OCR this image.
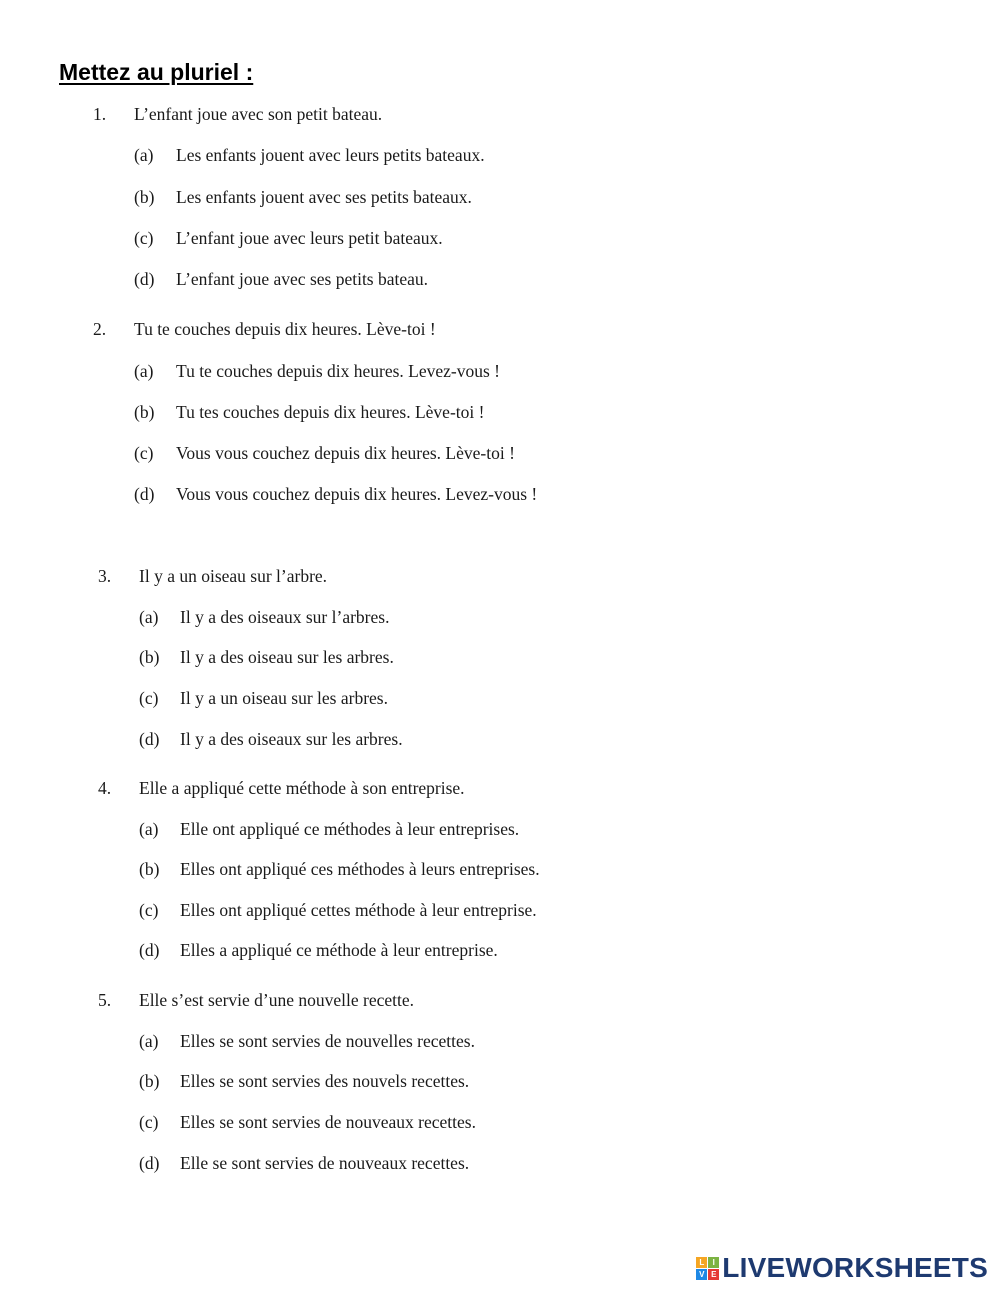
Mettez au pluriel :
1. L’enfant joue avec son petit bateau.
(a) Les enfants jouent avec leurs petits bateaux.
(b) Les enfants jouent avec ses petits bateaux.
(c) L’enfant joue avec leurs petit bateaux.
(d) L’enfant joue avec ses petits bateau.
2. Tu te couches depuis dix heures. Lève-toi !
(a) Tu te couches depuis dix heures. Levez-vous !
(b) Tu tes couches depuis dix heures. Lève-toi !
(c) Vous vous couchez depuis dix heures. Lève-toi !
(d) Vous vous couchez depuis dix heures. Levez-vous !
3. Il y a un oiseau sur l’arbre.
(a) Il y a des oiseaux sur l’arbres.
(b) Il y a des oiseau sur les arbres.
(c) Il y a un oiseau sur les arbres.
(d) Il y a des oiseaux sur les arbres.
4. Elle a appliqué cette méthode à son entreprise.
(a) Elle ont appliqué ce méthodes à leur entreprises.
(b) Elles ont appliqué ces méthodes à leurs entreprises.
(c) Elles ont appliqué cettes méthode à leur entreprise.
(d) Elles a appliqué ce méthode à leur entreprise.
5. Elle s’est servie d’une nouvelle recette.
(a) Elles se sont servies de nouvelles recettes.
(b) Elles se sont servies des nouvels recettes.
(c) Elles se sont servies de nouveaux recettes.
(d) Elle se sont servies de nouveaux recettes.
L	I
V E LIVEWORKSHEETS
